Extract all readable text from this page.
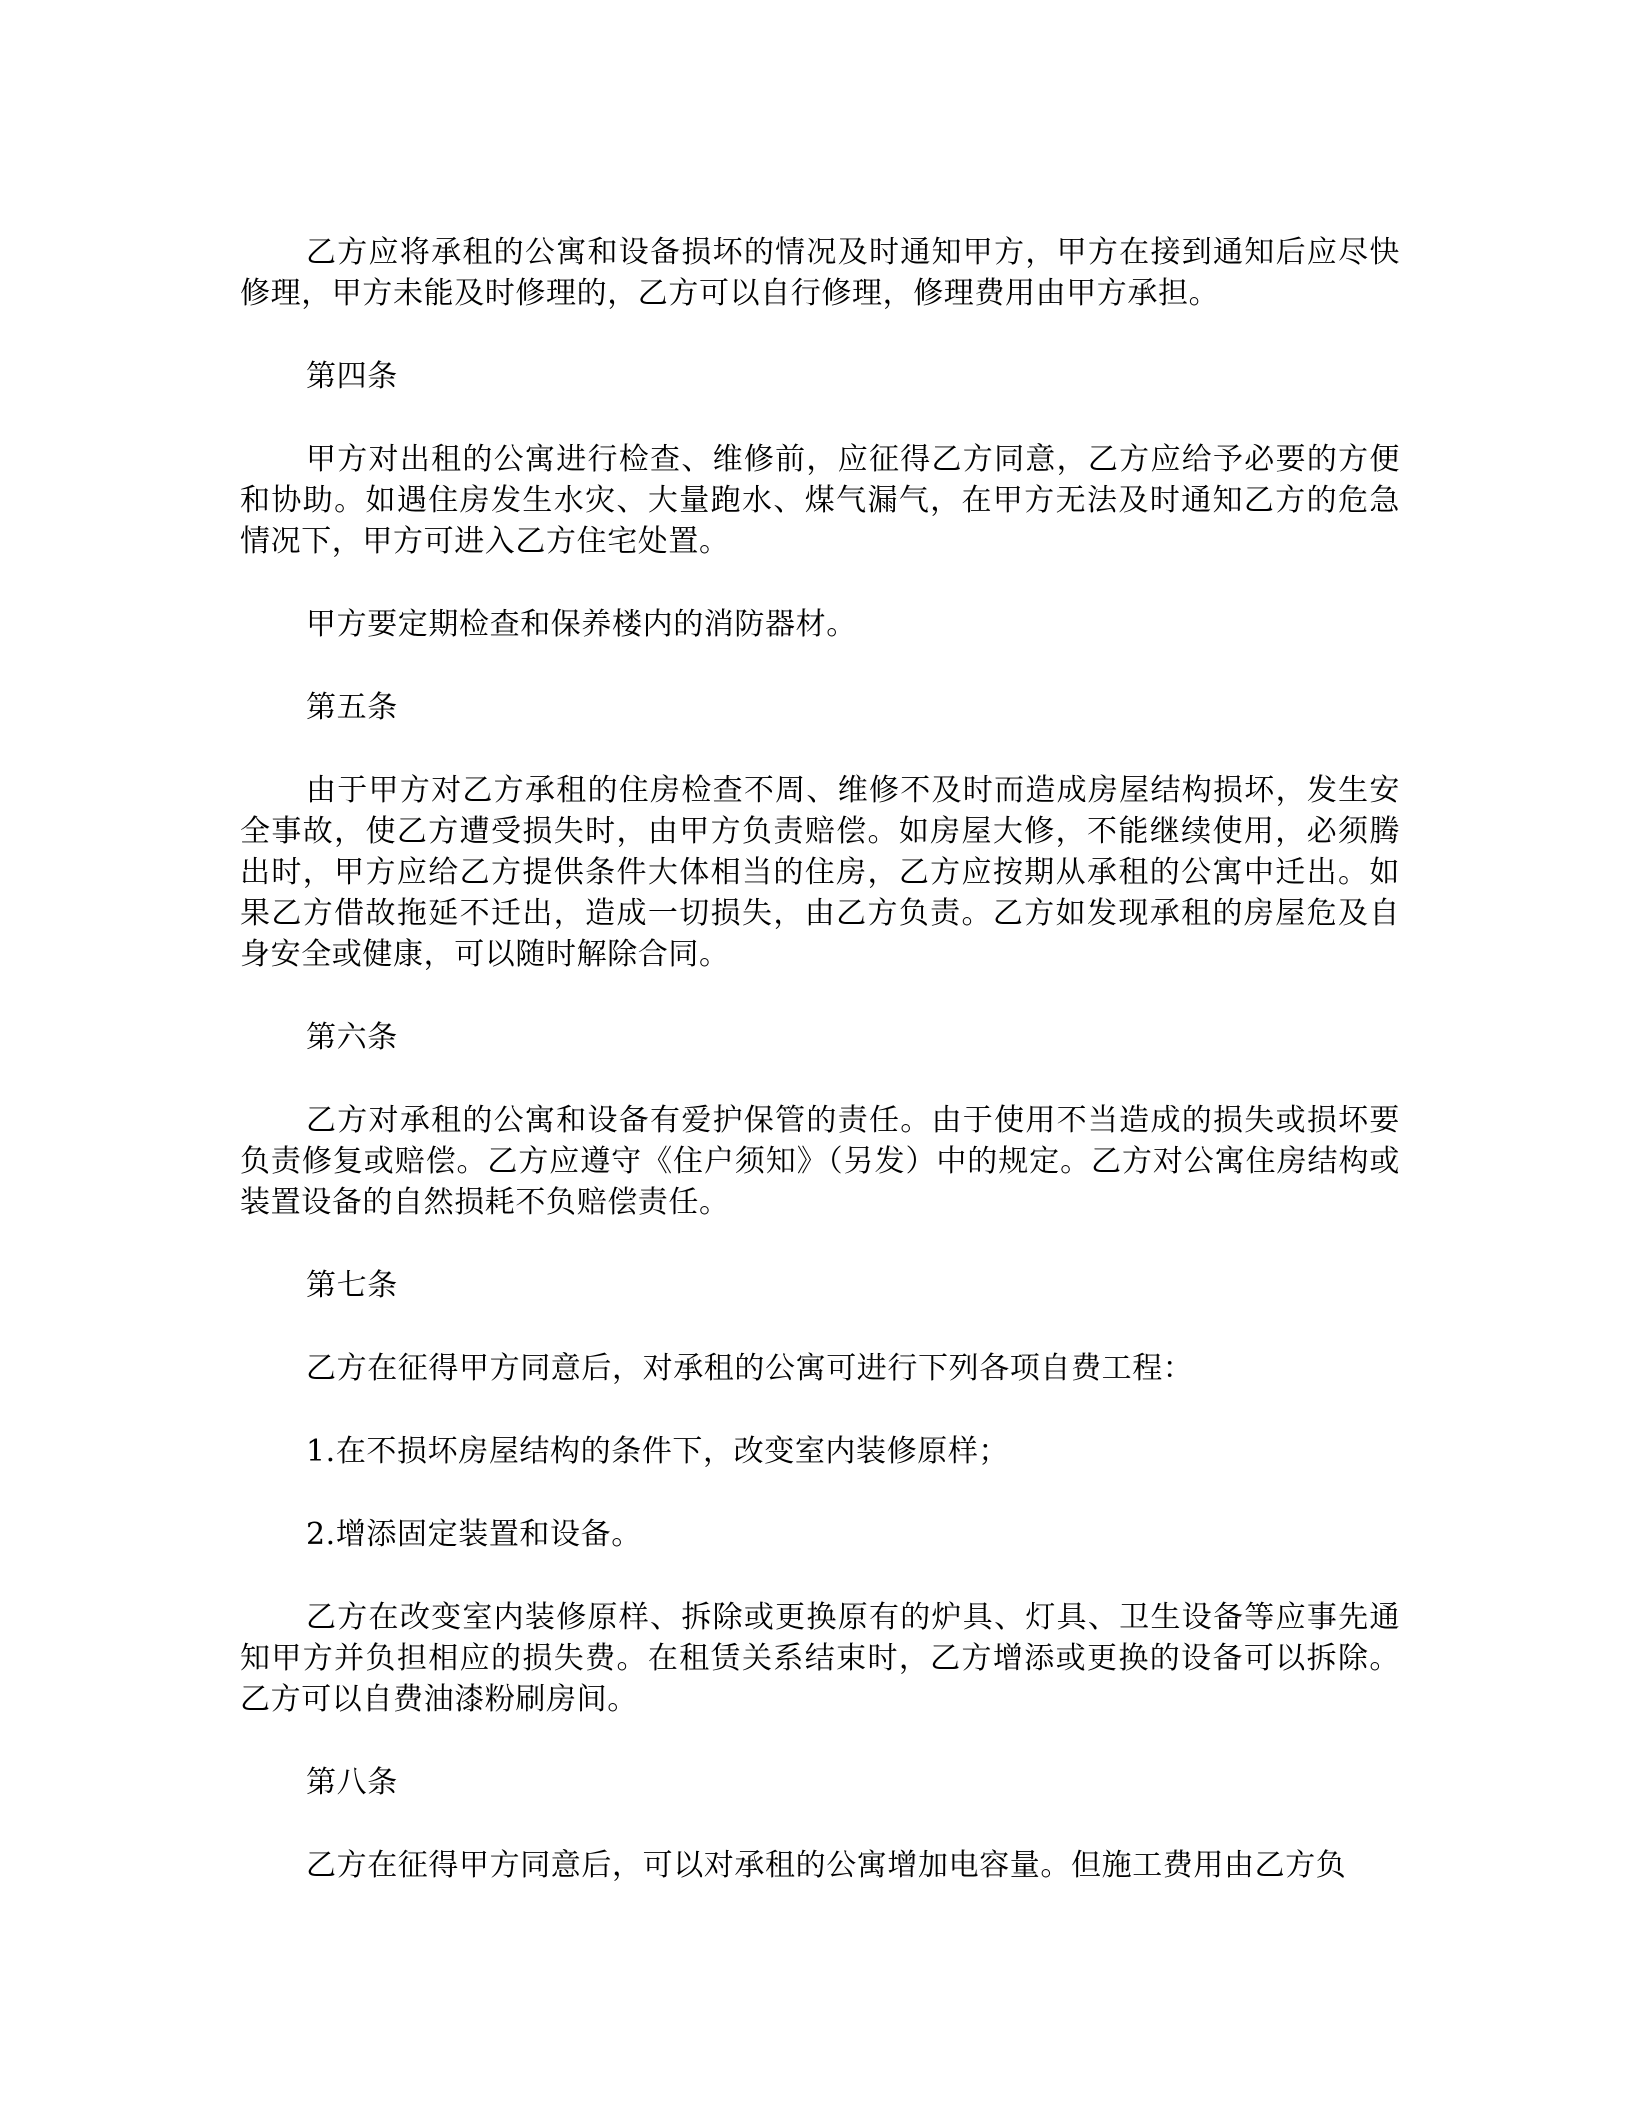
乙方应将承租的公寓和设备损坏的情况及时通知甲方，甲方在接到通知后应尽快修理，甲方未能及时修理的，乙方可以自行修理，修理费用由甲方承担。

第四条

甲方对出租的公寓进行检查、维修前，应征得乙方同意，乙方应给予必要的方便和协助。如遇住房发生水灾、大量跑水、煤气漏气，在甲方无法及时通知乙方的危急情况下，甲方可进入乙方住宅处置。

甲方要定期检查和保养楼内的消防器材。

第五条

由于甲方对乙方承租的住房检查不周、维修不及时而造成房屋结构损坏，发生安全事故，使乙方遭受损失时，由甲方负责赔偿。如房屋大修，不能继续使用，必须腾出时，甲方应给乙方提供条件大体相当的住房，乙方应按期从承租的公寓中迁出。如果乙方借故拖延不迁出，造成一切损失，由乙方负责。乙方如发现承租的房屋危及自身安全或健康，可以随时解除合同。

第六条

乙方对承租的公寓和设备有爱护保管的责任。由于使用不当造成的损失或损坏要负责修复或赔偿。乙方应遵守《住户须知》（另发）中的规定。乙方对公寓住房结构或装置设备的自然损耗不负赔偿责任。

第七条

乙方在征得甲方同意后，对承租的公寓可进行下列各项自费工程：

1.在不损坏房屋结构的条件下，改变室内装修原样；

2.增添固定装置和设备。

乙方在改变室内装修原样、拆除或更换原有的炉具、灯具、卫生设备等应事先通知甲方并负担相应的损失费。在租赁关系结束时，乙方增添或更换的设备可以拆除。乙方可以自费油漆粉刷房间。

第八条

乙方在征得甲方同意后，可以对承租的公寓增加电容量。但施工费用由乙方负
